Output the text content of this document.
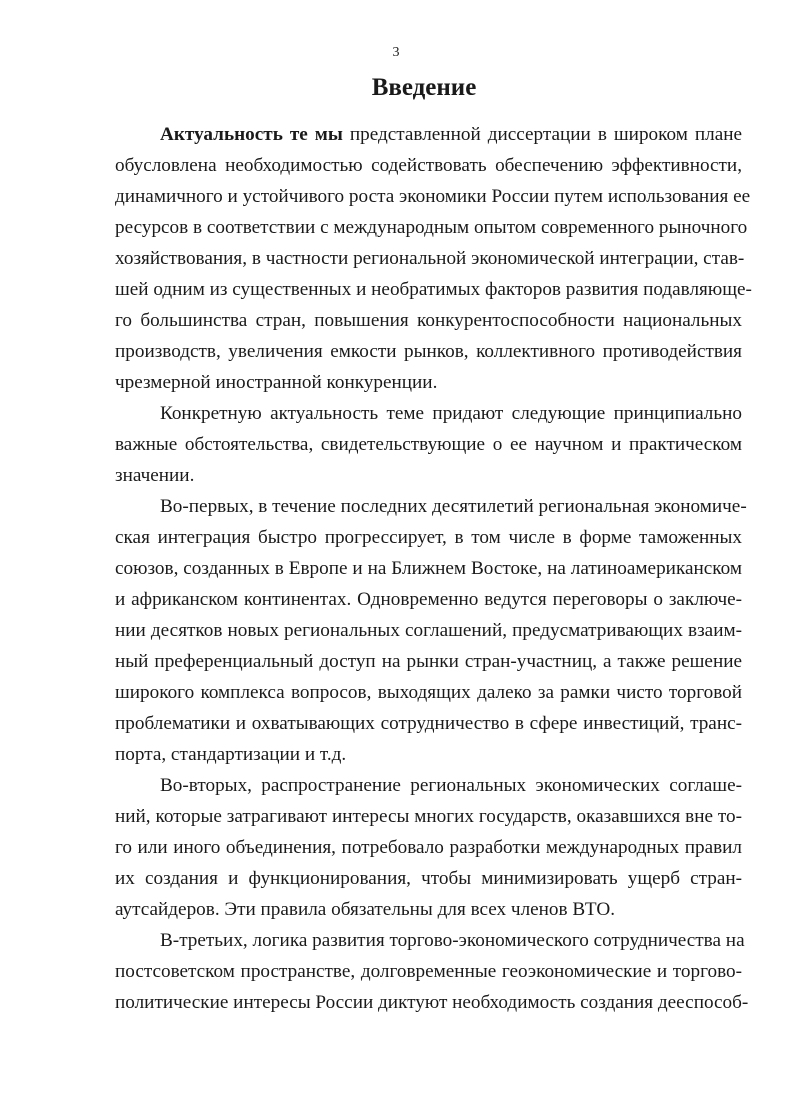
3
Введение
Актуальность те мы представленной диссертации в широком плане
обусловлена необходимостью содействовать обеспечению эффективности,
динамичного и устойчивого роста экономики России путем использования ее
ресурсов в соответствии с международным опытом современного рыночного
хозяйствования, в частности региональной экономической интеграции, став-
шей одним из существенных и необратимых факторов развития подавляюще-
го большинства стран, повышения конкурентоспособности национальных
производств, увеличения емкости рынков, коллективного противодействия
чрезмерной иностранной конкуренции.
Конкретную актуальность теме придают следующие принципиально
важные обстоятельства, свидетельствующие о ее научном и практическом
значении.
Во-первых, в течение последних десятилетий региональная экономиче-
ская интеграция быстро прогрессирует, в том числе в форме таможенных
союзов, созданных в Европе и на Ближнем Востоке, на латиноамериканском
и африканском континентах. Одновременно ведутся переговоры о заключе-
нии десятков новых региональных соглашений, предусматривающих взаим-
ный преференциальный доступ на рынки стран-участниц, а также решение
широкого комплекса вопросов, выходящих далеко за рамки чисто торговой
проблематики и охватывающих сотрудничество в сфере инвестиций, транс-
порта, стандартизации и т.д.
Во-вторых, распространение региональных экономических соглаше-
ний, которые затрагивают интересы многих государств, оказавшихся вне то-
го или иного объединения, потребовало разработки международных правил
их создания и функционирования, чтобы минимизировать ущерб стран-
аутсайдеров. Эти правила обязательны для всех членов ВТО.
В-третьих, логика развития торгово-экономического сотрудничества на
постсоветском пространстве, долговременные геоэкономические и торгово-
политические интересы России диктуют необходимость создания дееспособ-
